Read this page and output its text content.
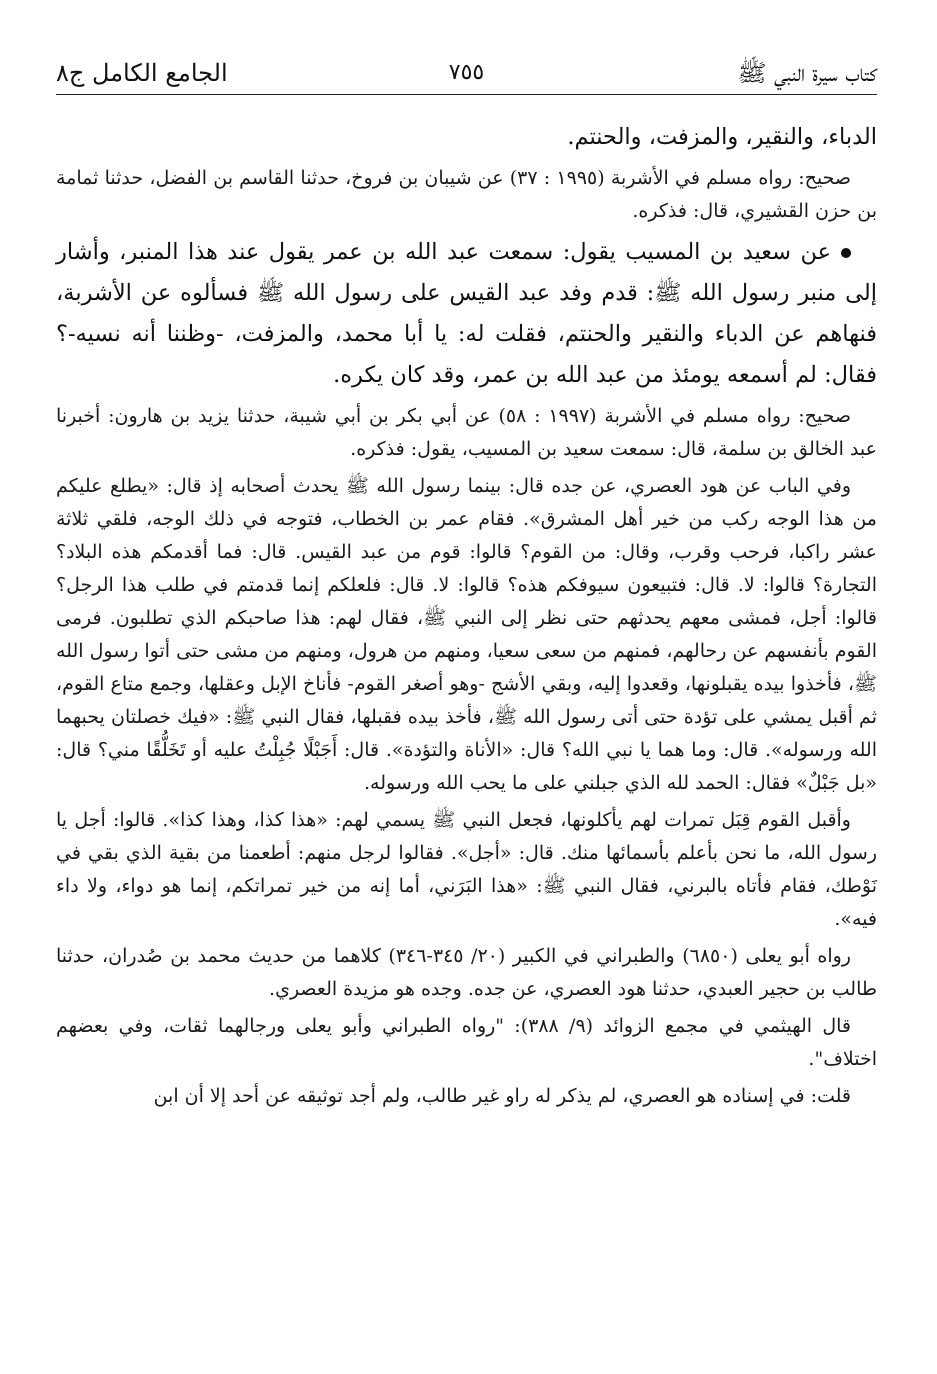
كتاب سيرة النبي ﷺ
٧٥٥
الجامع الكامل ج٨

الدباء، والنقير، والمزفت، والحنتم.

صحيح: رواه مسلم في الأشربة (١٩٩٥ : ٣٧) عن شيبان بن فروخ، حدثنا القاسم بن الفضل، حدثنا ثمامة بن حزن القشيري، قال: فذكره.

عن سعيد بن المسيب يقول: سمعت عبد الله بن عمر يقول عند هذا المنبر، وأشار إلى منبر رسول الله ﷺ: قدم وفد عبد القيس على رسول الله ﷺ فسألوه عن الأشربة، فنهاهم عن الدباء والنقير والحنتم، فقلت له: يا أبا محمد، والمزفت، -وظننا أنه نسيه-؟ فقال: لم أسمعه يومئذ من عبد الله بن عمر، وقد كان يكره.

صحيح: رواه مسلم في الأشربة (١٩٩٧ : ٥٨) عن أبي بكر بن أبي شيبة، حدثنا يزيد بن هارون: أخبرنا عبد الخالق بن سلمة، قال: سمعت سعيد بن المسيب، يقول: فذكره.

وفي الباب عن هود العصري، عن جده قال: بينما رسول الله ﷺ يحدث أصحابه إذ قال: «يطلع عليكم من هذا الوجه ركب من خير أهل المشرق». فقام عمر بن الخطاب، فتوجه في ذلك الوجه، فلقي ثلاثة عشر راكبا، فرحب وقرب، وقال: من القوم؟ قالوا: قوم من عبد القيس. قال: فما أقدمكم هذه البلاد؟ التجارة؟ قالوا: لا. قال: فتبيعون سيوفكم هذه؟ قالوا: لا. قال: فلعلكم إنما قدمتم في طلب هذا الرجل؟ قالوا: أجل، فمشى معهم يحدثهم حتى نظر إلى النبي ﷺ، فقال لهم: هذا صاحبكم الذي تطلبون. فرمى القوم بأنفسهم عن رحالهم، فمنهم من سعى سعيا، ومنهم من هرول، ومنهم من مشى حتى أتوا رسول الله ﷺ، فأخذوا بيده يقبلونها، وقعدوا إليه، وبقي الأشج -وهو أصغر القوم- فأناخ الإبل وعقلها، وجمع متاع القوم، ثم أقبل يمشي على تؤدة حتى أتى رسول الله ﷺ، فأخذ بيده فقبلها، فقال النبي ﷺ: «فيك خصلتان يحبهما الله ورسوله». قال: وما هما يا نبي الله؟ قال: «الأناة والتؤدة». قال: أَجَبْلًا جُبِلْتُ عليه أو تَخَلُّقًا مني؟ قال: «بل جَبْلٌ» فقال: الحمد لله الذي جبلني على ما يحب الله ورسوله.

وأقبل القوم قِبَل تمرات لهم يأكلونها، فجعل النبي ﷺ يسمي لهم: «هذا كذا، وهذا كذا». قالوا: أجل يا رسول الله، ما نحن بأعلم بأسمائها منك. قال: «أجل». فقالوا لرجل منهم: أطعمنا من بقية الذي بقي في نَوْطك، فقام فأتاه بالبرني، فقال النبي ﷺ: «هذا البَرَني، أما إنه من خير تمراتكم، إنما هو دواء، ولا داء فيه».

رواه أبو يعلى (٦٨٥٠) والطبراني في الكبير (٢٠/ ٣٤٥-٣٤٦) كلاهما من حديث محمد بن صُدران، حدثنا طالب بن حجير العبدي، حدثنا هود العصري، عن جده. وجده هو مزيدة العصري.

قال الهيثمي في مجمع الزوائد (٩/ ٣٨٨): "رواه الطبراني وأبو يعلى ورجالهما ثقات، وفي بعضهم اختلاف".

قلت: في إسناده هو العصري، لم يذكر له راو غير طالب، ولم أجد توثيقه عن أحد إلا أن ابن
